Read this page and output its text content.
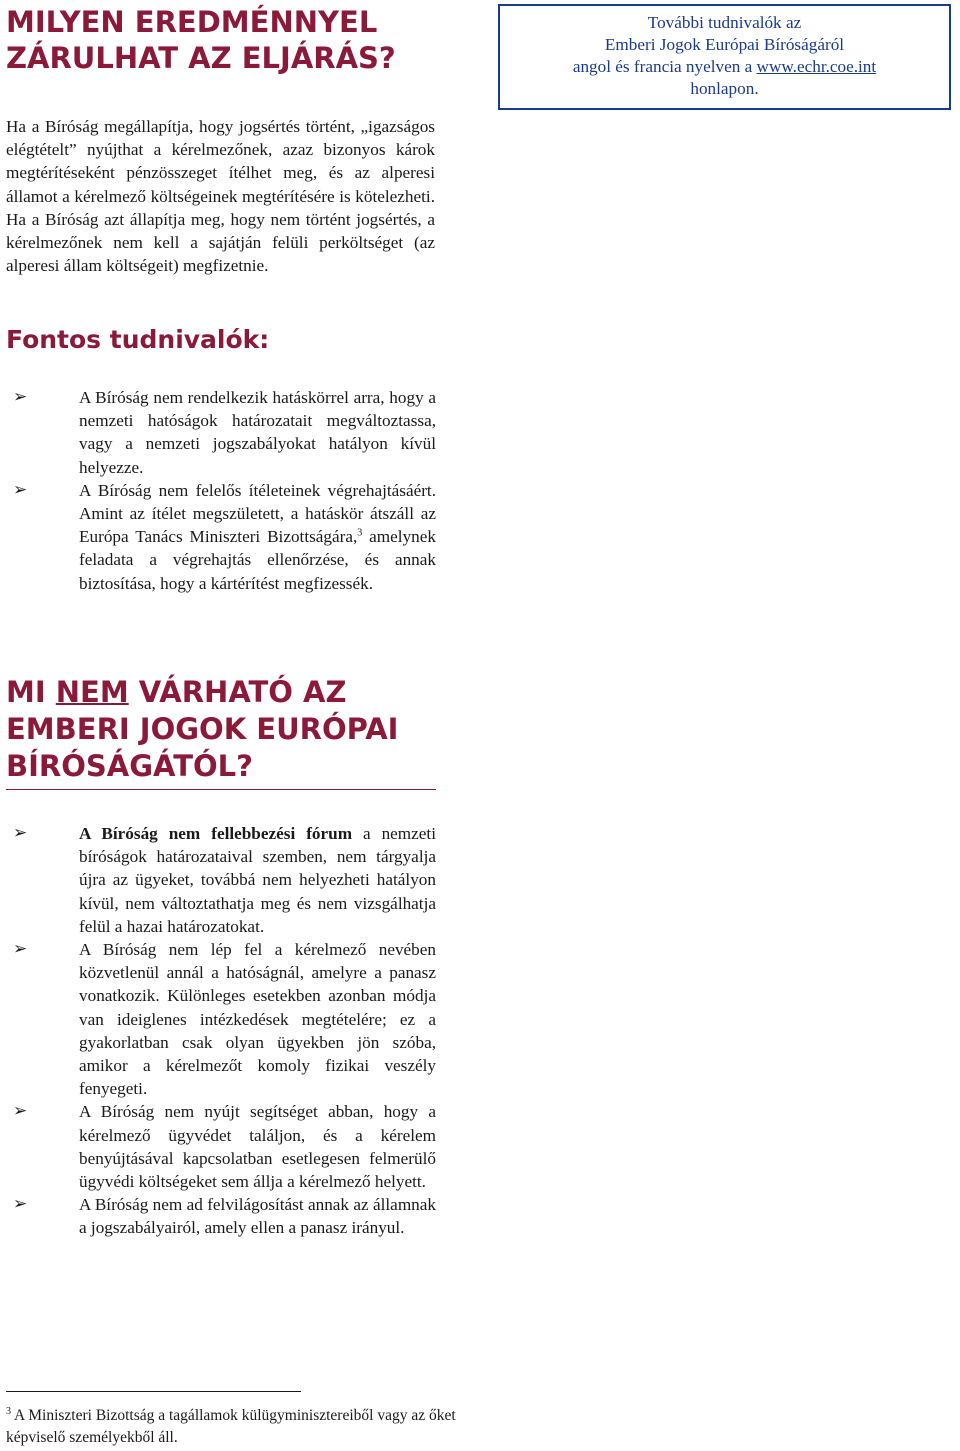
MILYEN EREDMÉNNYEL ZÁRULHAT AZ ELJÁRÁS?

Ha a Bíróság megállapítja, hogy jogsértés történt, „igazságos elégtételt” nyújthat a kérelmezőnek, azaz bizonyos károk megtérítéseként pénzösszeget ítélhet meg, és az alperesi államot a kérelmező költségeinek megtérítésére is kötelezheti. Ha a Bíróság azt állapítja meg, hogy nem történt jogsértés, a kérelmezőnek nem kell a sajátján felüli perköltséget (az alperesi állam költségeit) megfizetnie.

Fontos tudnivalók:
➢	A Bíróság nem rendelkezik hatáskörrel arra, hogy a nemzeti hatóságok határozatait megváltoztassa, vagy a nemzeti jogszabályokat hatályon kívül helyezze.
➢	A Bíróság nem felelős ítéleteinek végrehajtásáért. Amint az ítélet megszületett, a hatáskör átszáll az Európa Tanács Miniszteri Bizottságára,$^3$ amelynek feladata a végrehajtás ellenőrzése, és annak biztosítása, hogy a kártérítést megfizessék.
MI NEM VÁRHATÓ AZ EMBERI JOGOK EURÓPAI BÍRÓSÁGÁTÓL?
➢	A Bíróság nem fellebbezési fórum a nemzeti bíróságok határozataival szemben, nem tárgyalja újra az ügyeket, továbbá nem helyezheti hatályon kívül, nem változtathatja meg és nem vizsgálhatja felül a hazai határozatokat.
➢	A Bíróság nem lép fel a kérelmező nevében közvetlenül annál a hatóságnál, amelyre a panasz vonatkozik. Különleges esetekben azonban módja van ideiglenes intézkedések megtételére; ez a gyakorlatban csak olyan ügyekben jön szóba, amikor a kérelmezőt komoly fizikai veszély fenyegeti.
➢	A Bíróság nem nyújt segítséget abban, hogy a kérelmező ügyvédet találjon, és a kérelem benyújtásával kapcsolatban esetlegesen felmerülő ügyvédi költségeket sem állja a kérelmező helyett.
➢	A Bíróság nem ad felvilágosítást annak az államnak a jogszabályairól, amely ellen a panasz irányul.
További tudnivalók az
Emberi Jogok Európai Bíróságáról
angol és francia nyelven a www.echr.coe.int
honlapon.

$^3$ A Miniszteri Bizottság a tagállamok külügyminisztereiből vagy az őket képviselő személyekből áll.
